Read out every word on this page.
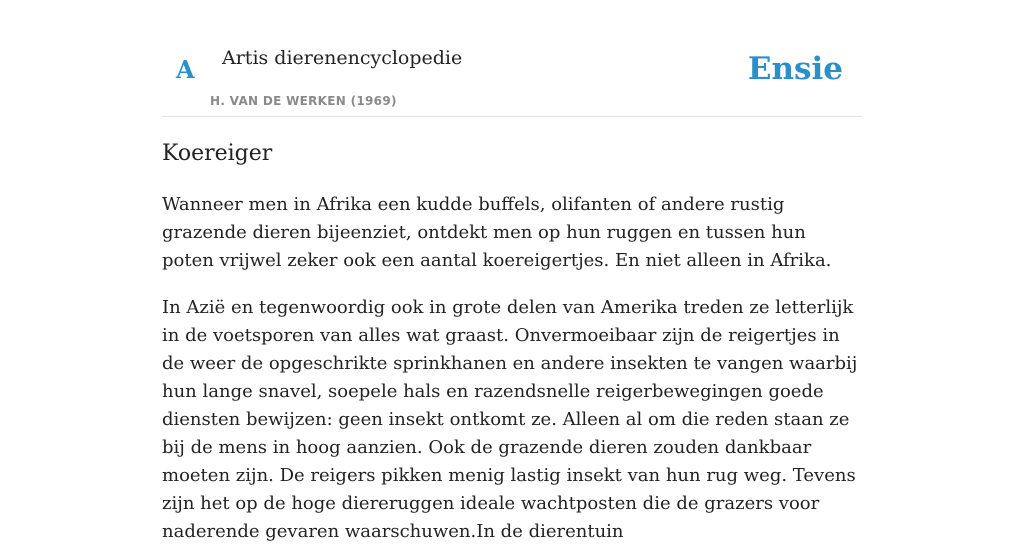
A Artis dierenencyclopedie
H. VAN DE WERKEN (1969)
Ensie
Koereiger

Wanneer men in Afrika een kudde buffels, olifanten of andere rustig grazende dieren bijeenziet, ontdekt men op hun ruggen en tussen hun poten vrijwel zeker ook een aantal koereigertjes. En niet alleen in Afrika.

In Azië en tegenwoordig ook in grote delen van Amerika treden ze letterlijk in de voetsporen van alles wat graast. Onvermoeibaar zijn de reigertjes in de weer de opgeschrikte sprinkhanen en andere insekten te vangen waarbij hun lange snavel, soepele hals en razendsnelle reigerbewegingen goede diensten bewijzen: geen insekt ontkomt ze. Alleen al om die reden staan ze bij de mens in hoog aanzien. Ook de grazende dieren zouden dankbaar moeten zijn. De reigers pikken menig lastig insekt van hun rug weg. Tevens zijn het op de hoge diereruggen ideale wachtposten die de grazers voor naderende gevaren waarschuwen.In de dierentuin
